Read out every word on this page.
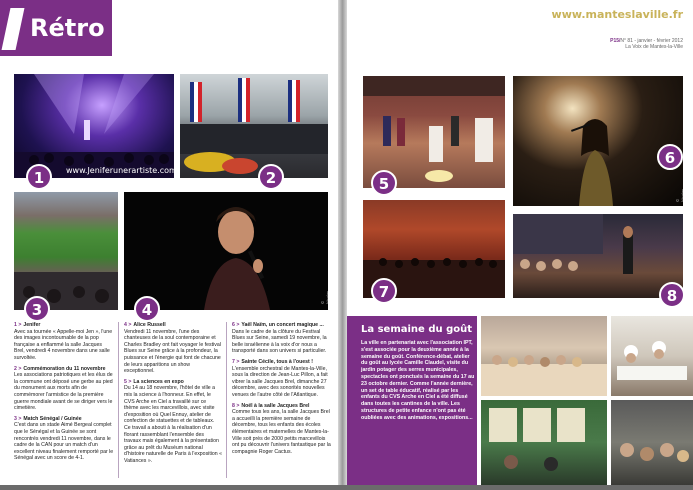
Rétro
www.Jeniferunerartiste.com
1	2
3	© Nicolas Angeloni
4
1 > Jenifer
Avec sa tournée « Appelle-moi Jen », l'une des images incontournable de la pop française a enflammé la salle Jacques Brel, vendredi 4 novembre dans une salle survoltée.
2 > Commémoration du 11 novembre
Les associations patriotiques et les élus de la commune ont déposé une gerbe au pied du monument aux morts afin de commémorer l'armistice de la première guerre mondiale avant de se diriger vers le cimetière.
3 > Match Sénégal / Guinée
C'est dans un stade Aimé Bergeal complet que le Sénégal et la Guinée se sont rencontrés vendredi 11 novembre, dans le cadre de la CAN pour un match d'un excellent niveau finalement remporté par le Sénégal avec un score de 4-1.
4 > Alice Russell
Vendredi 11 novembre, l'une des chanteuses de la soul contemporaine et Charles Bradley ont fait voyager le festival Blues sur Seine grâce à la profondeur, la puissance et l'énergie qui font de chacune de leurs apparitions un show exceptionnel.
5 > La sciences en expo
Du 14 au 18 novembre, l'hôtel de ville a mis la science à l'honneur. En effet, le CVS Arche en Ciel a travaillé sur ce thème avec les marcevillois, avec visite d'exposition où Quel Ennuy, atelier de confection de statuettes et de tableaux. Ce travail a abouti à la réalisation d'un florant rassemblant l'ensemble des travaux mais également à la présentation grâce au prêt du Muséum national d'histoire naturelle de Paris à l'exposition « Vatiances ».
6 > Yaël Naïm, un concert magique ...
Dans le cadre de la clôture du Festival Blues sur Seine, samedi 19 novembre, la belle israélienne à la voix d'or nous a transporté dans son univers si particulier.
7 > Sainte Cécile, tous à l'ouest !
L'ensemble orchestral de Mantes-la-Ville, sous la direction de Jean-Luc Pillon, a fait vibrer la salle Jacques Brel, dimanche 27 décembre, avec des sonorités nouvelles venues de l'autre côté de l'Atlantique.
8 > Noël à la salle Jacques Brel
Comme tous les ans, la salle Jacques Brel a accueilli la première semaine de décembre, tous les enfants des écoles élémentaires et maternelles de Mantes-la-Ville soit près de 2000 petits marcevillois ont pu découvrir l'univers fantastique par la compagnie Roger Cactus.
www.manteslaville.fr
P15/N° 81 - janvier - février 2012
La Voix de Mantes-la-Ville
5
© Nicolas Angeloni
6
7	8
La semaine du goût
La ville en partenariat avec l'association IPT, s'est associée pour la deuxième année à la semaine du goût. Conférence-débat, atelier du goût au lycée Camille Claudel, visite du jardin potager des serres municipales, spectacles ont ponctués la semaine du 17 au 23 octobre dernier. Comme l'année dernière, un set de table éducatif, réalisé par les enfants du CVS Arche en Ciel a été diffusé dans toutes les cantines de la ville. Les structures de petite enfance n'ont pas été oubliées avec des animations, expositions...
